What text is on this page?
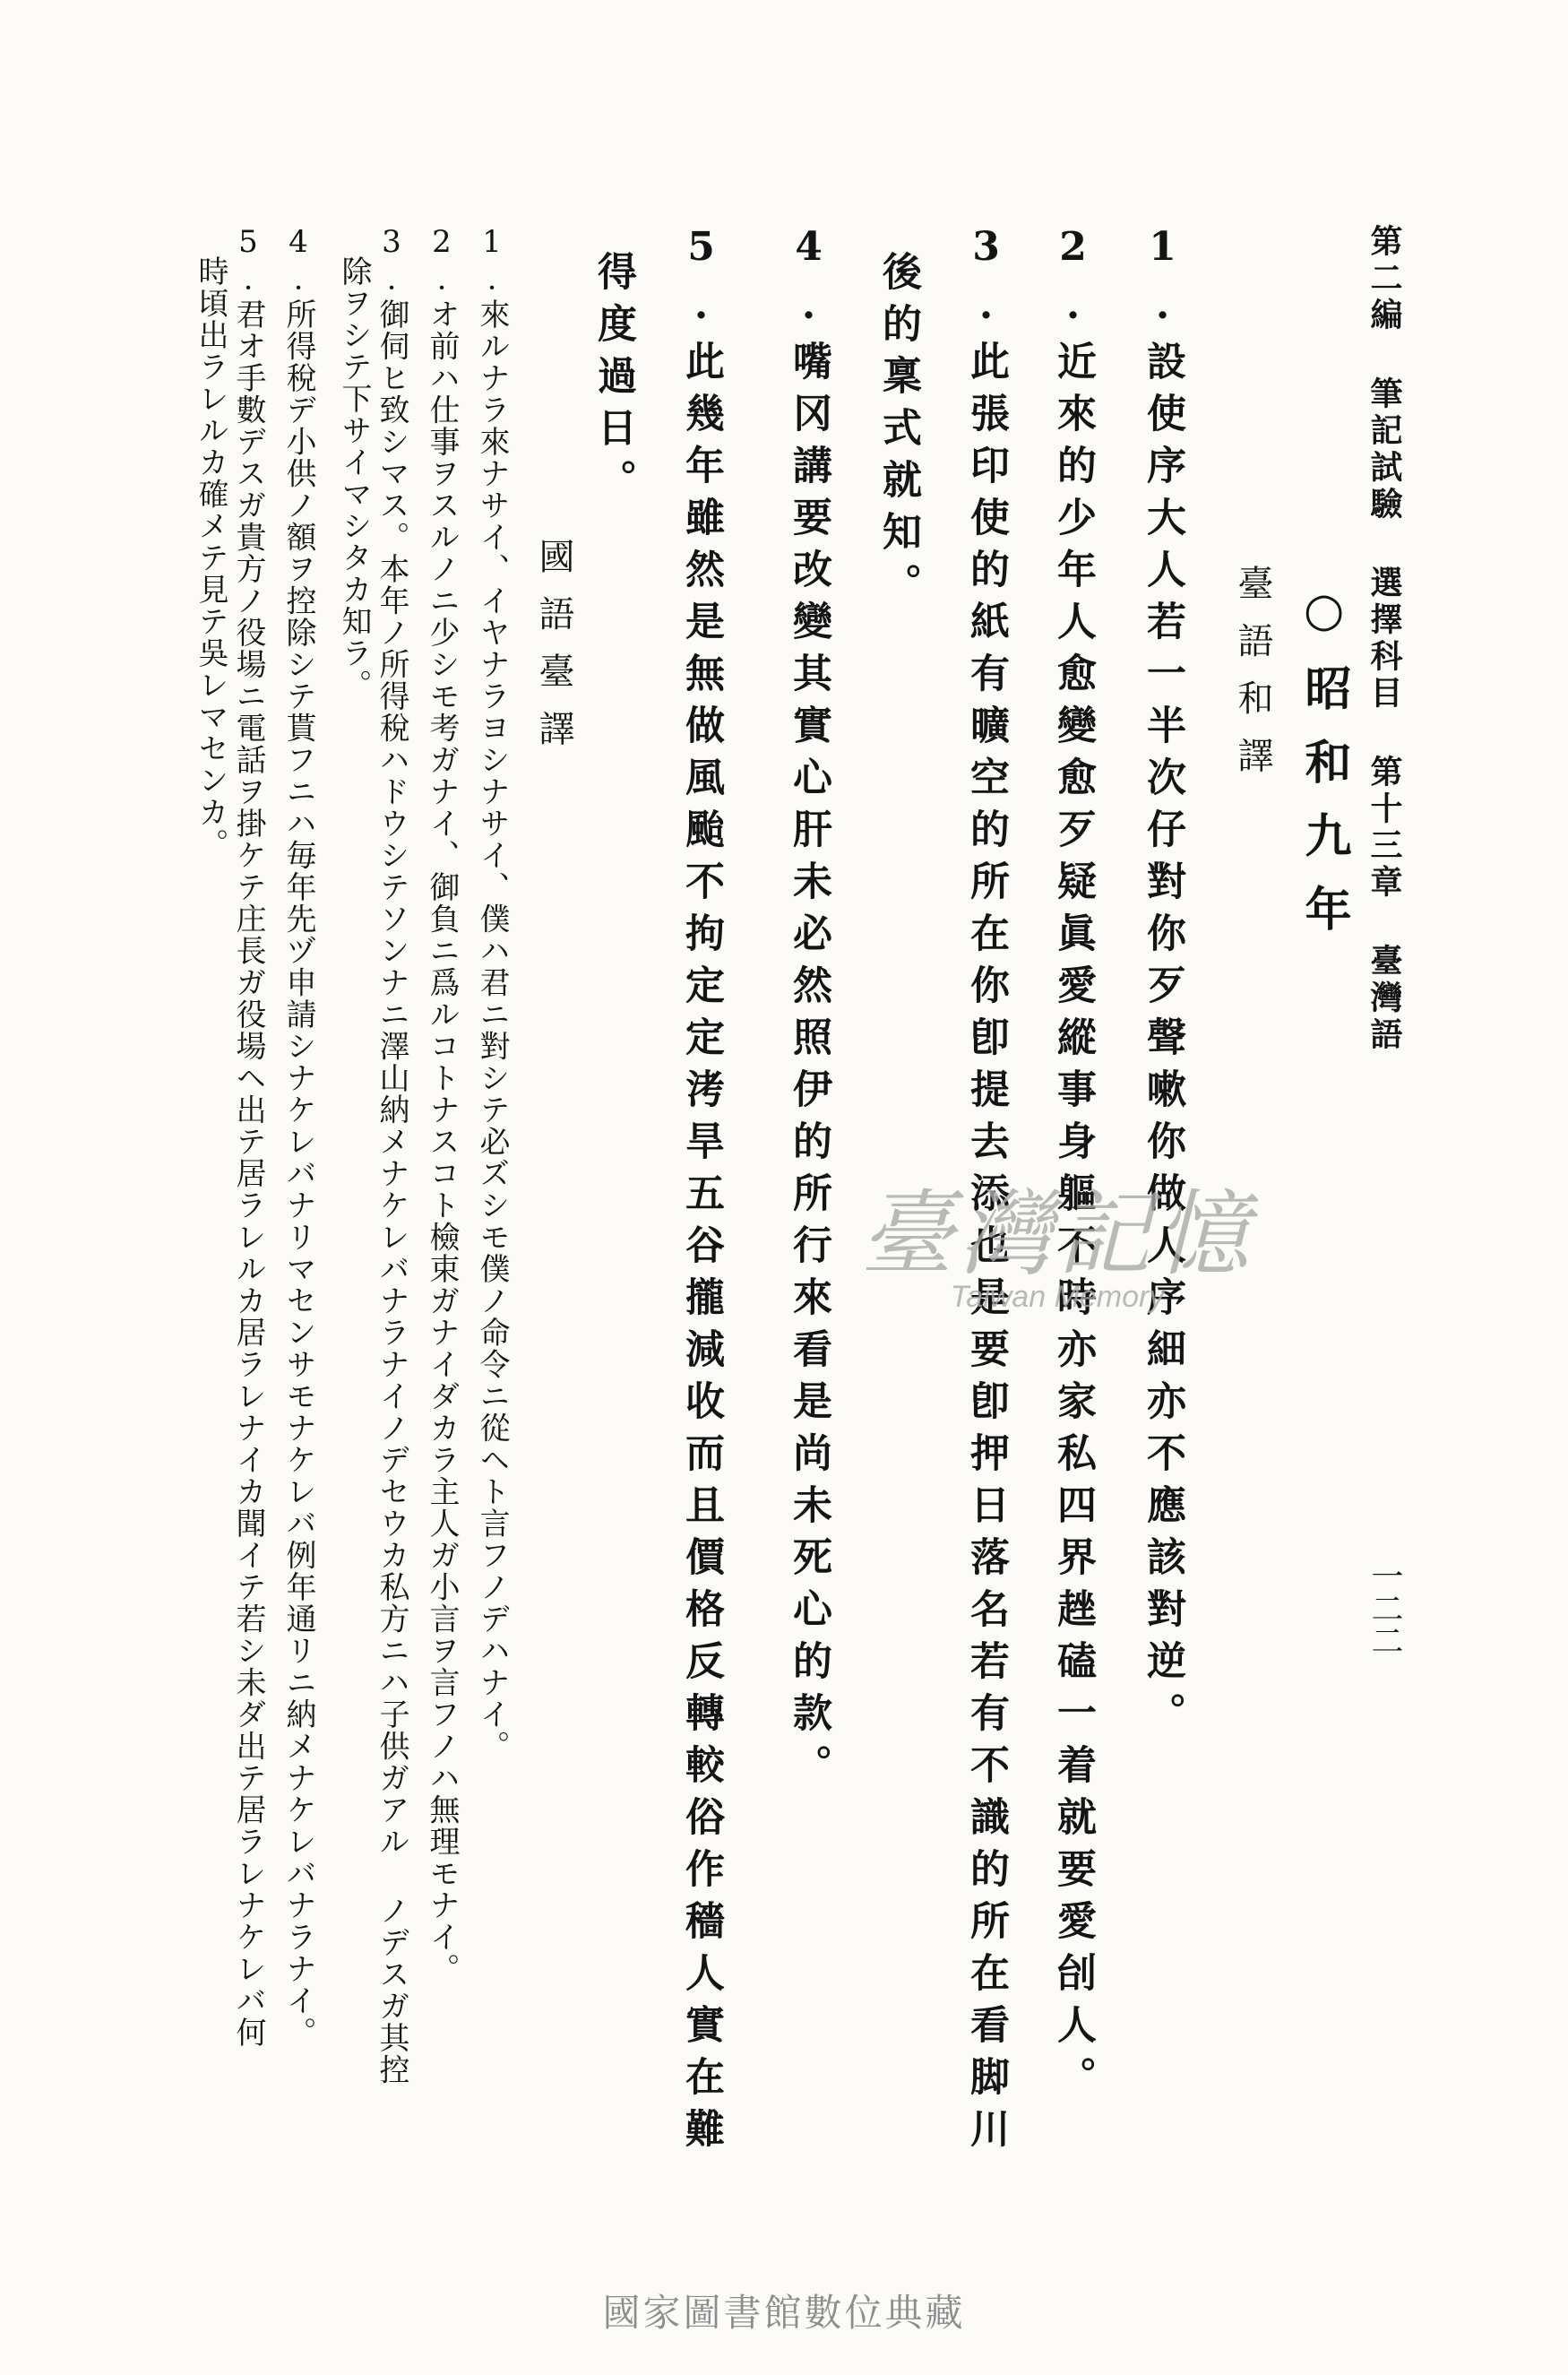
第二編 筆記試驗 選擇科目 第十三章 臺灣語
一二二
○昭和九年
臺語和譯
1.設使序大人若一半次仔對你歹聲嗽你做人序細亦不應該對逆。
2.近來的少年人愈變愈歹疑眞愛縱事身軀不時亦家私四界趖磕一着就要愛刣人。
3.此張印使的紙有曠空的所在你卽提去添也是要卽押日落名若有不識的所在看脚川
後的稟式就知。
4.嘴冈講要改變其實心肝未必然照伊的所行來看是尚未死心的款。
5.此幾年雖然是無做風颱不拘定定洘旱五谷攏減收而且價格反轉較俗作穡人實在難
得度過日。
國語臺譯
1.來ルナラ來ナサイ、イヤナラヨシナサイ、僕ハ君ニ對シテ必ズシモ僕ノ命令ニ從ヘト言フノデハナイ。
2.オ前ハ仕事ヲスルノニ少シモ考ガナイ、御負ニ爲ルコトナスコト檢束ガナイダカラ主人ガ小言ヲ言フノハ無理モナイ。
3.御伺ヒ致シマス。本年ノ所得稅ハドウシテソンナニ澤山納メナケレバナラナイノデセウカ私方ニハ子供ガアル ノデスガ其控
除ヲシテ下サイマシタカ知ラ。
4.所得稅デ小供ノ額ヲ控除シテ貰フニハ毎年先ヅ申請シナケレバナリマセンサモナケレバ例年通リニ納メナケレバナラナイ。
5.君オ手數デスガ貴方ノ役場ニ電話ヲ掛ケテ庄長ガ役場ヘ出テ居ラレルカ居ラレナイカ聞イテ若シ未ダ出テ居ラレナケレバ何
時頃出ラレルカ確メテ見テ吳レマセンカ。
臺灣記憶
Taiwan Memory
國家圖書館數位典藏
